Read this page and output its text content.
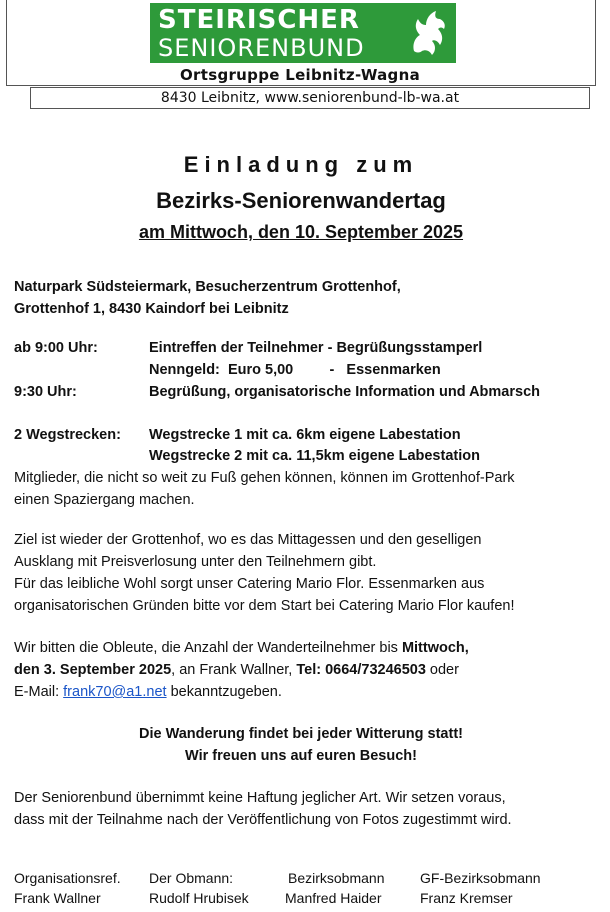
STEIRISCHER
SENIORENBUND
Ortsgruppe Leibnitz-Wagna
8430 Leibnitz, www.seniorenbund-lb-wa.at
Einladung zum
Bezirks-Seniorenwandertag
am Mittwoch, den 10. September 2025
Naturpark Südsteiermark, Besucherzentrum Grottenhof,
Grottenhof 1, 8430 Kaindorf bei Leibnitz
ab 9:00 Uhr:	Eintreffen der Teilnehmer - Begrüßungsstamperl
Nenngeld:  Euro 5,00         -   Essenmarken
9:30 Uhr:	Begrüßung, organisatorische Information und Abmarsch
2 Wegstrecken: Wegstrecke 1 mit ca. 6km eigene Labestation
Wegstrecke 2 mit ca. 11,5km eigene Labestation
Mitglieder, die nicht so weit zu Fuß gehen können, können im Grottenhof-Park
einen Spaziergang machen.
Ziel ist wieder der Grottenhof, wo es das Mittagessen und den geselligen
Ausklang mit Preisverlosung unter den Teilnehmern gibt.
Für das leibliche Wohl sorgt unser Catering Mario Flor. Essenmarken aus
organisatorischen Gründen bitte vor dem Start bei Catering Mario Flor kaufen!
Wir bitten die Obleute, die Anzahl der Wanderteilnehmer bis Mittwoch,
den 3. September 2025, an Frank Wallner, Tel: 0664/73246503 oder
E-Mail: frank70@a1.net bekanntzugeben.
Die Wanderung findet bei jeder Witterung statt!
Wir freuen uns auf euren Besuch!
Der Seniorenbund übernimmt keine Haftung jeglicher Art. Wir setzen voraus,
dass mit der Teilnahme nach der Veröffentlichung von Fotos zugestimmt wird.
Organisationsref.
Frank Wallner
Der Obmann:
Rudolf Hrubisek
Bezirksobmann
Manfred Haider
GF-Bezirksobmann
Franz Kremser
